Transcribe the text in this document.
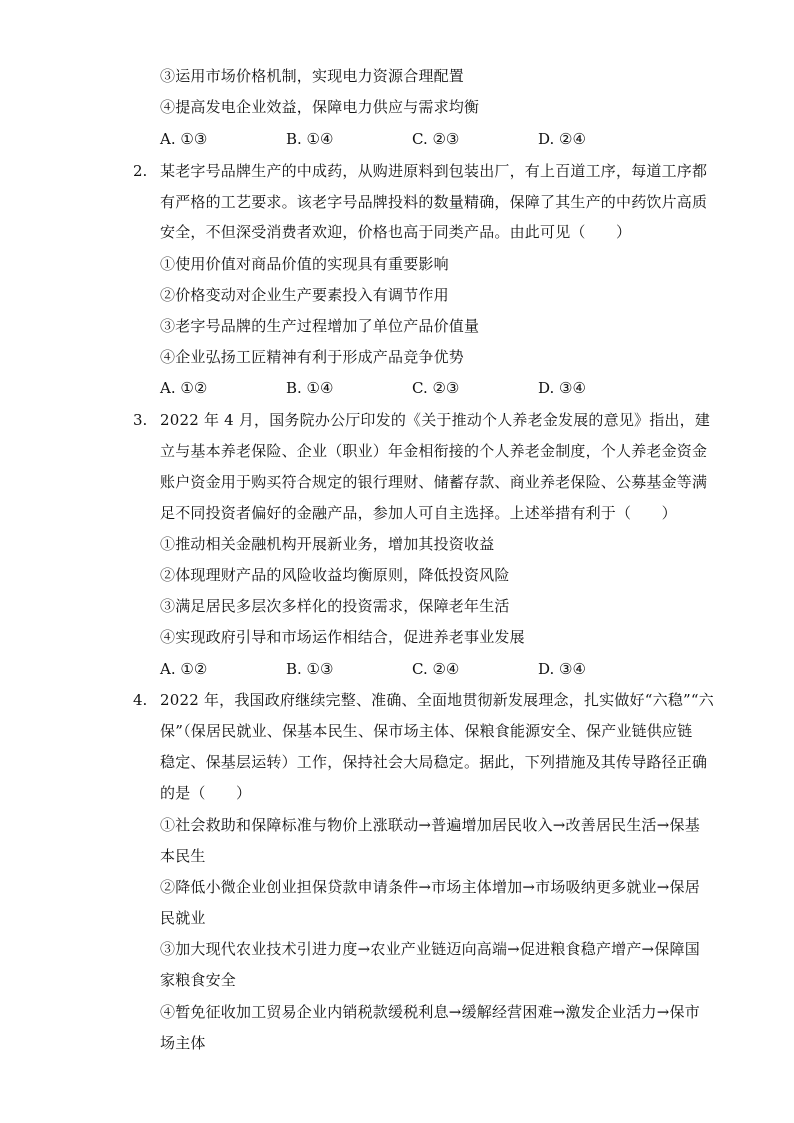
③运用市场价格机制，实现电力资源合理配置
④提高发电企业效益，保障电力供应与需求均衡
A. ①③	B. ①④	C. ②③	D. ②④
2. 某老字号品牌生产的中成药，从购进原料到包装出厂，有上百道工序，每道工序都
有严格的工艺要求。该老字号品牌投料的数量精确，保障了其生产的中药饮片高质
安全，不但深受消费者欢迎，价格也高于同类产品。由此可见（　　）
①使用价值对商品价值的实现具有重要影响
②价格变动对企业生产要素投入有调节作用
③老字号品牌的生产过程增加了单位产品价值量
④企业弘扬工匠精神有利于形成产品竞争优势
A. ①②	B. ①④	C. ②③	D. ③④
3. 2022 年 4 月，国务院办公厅印发的《关于推动个人养老金发展的意见》指出，建
立与基本养老保险、企业（职业）年金相衔接的个人养老金制度，个人养老金资金
账户资金用于购买符合规定的银行理财、储蓄存款、商业养老保险、公募基金等满
足不同投资者偏好的金融产品，参加人可自主选择。上述举措有利于（　　）
①推动相关金融机构开展新业务，增加其投资收益
②体现理财产品的风险收益均衡原则，降低投资风险
③满足居民多层次多样化的投资需求，保障老年生活
④实现政府引导和市场运作相结合，促进养老事业发展
A. ①②	B. ①③	C. ②④	D. ③④
4. 2022 年，我国政府继续完整、准确、全面地贯彻新发展理念，扎实做好“六稳”“六
保”（保居民就业、保基本民生、保市场主体、保粮食能源安全、保产业链供应链
稳定、保基层运转）工作，保持社会大局稳定。据此，下列措施及其传导路径正确
的是（　　）
①社会救助和保障标准与物价上涨联动→普遍增加居民收入→改善居民生活→保基
本民生
②降低小微企业创业担保贷款申请条件→市场主体增加→市场吸纳更多就业→保居
民就业
③加大现代农业技术引进力度→农业产业链迈向高端→促进粮食稳产增产→保障国
家粮食安全
④暂免征收加工贸易企业内销税款缓税利息→缓解经营困难→激发企业活力→保市
场主体
